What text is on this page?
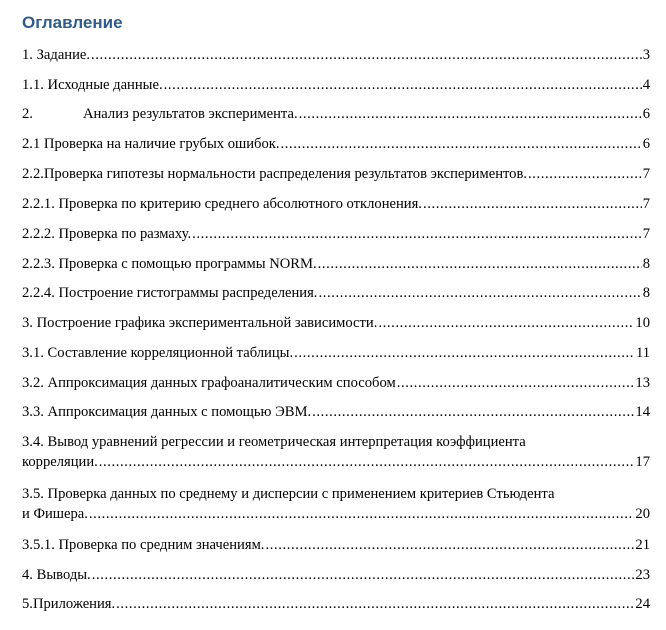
Оглавление
1. Задание. .....	3
1.1. Исходные данные. .....	4
2.	Анализ результатов эксперимента. .....	6
2.1 Проверка на наличие грубых ошибок. .....	6
2.2.Проверка гипотезы нормальности распределения результатов экспериментов. .....	7
2.2.1. Проверка по критерию среднего абсолютного отклонения. .....	7
2.2.2. Проверка по размаху. .....	7
2.2.3. Проверка с помощью программы NORM. .....	8
2.2.4. Построение гистограммы распределения. .....	8
3. Построение графика экспериментальной зависимости. .....	10
3.1. Составление корреляционной таблицы. .....	11
3.2. Аппроксимация данных графоаналитическим способом .....	13
3.3. Аппроксимация данных с помощью ЭВМ. .....	14
3.4. Вывод уравнений регрессии и геометрическая интерпретация коэффициента
корреляции. .....	17
3.5. Проверка данных по среднему и дисперсии с применением критериев Стьюдента
и Фишера. .....	20
3.5.1. Проверка по средним значениям. .....	21
4. Выводы. .....	23
5.Приложения. .....	24
